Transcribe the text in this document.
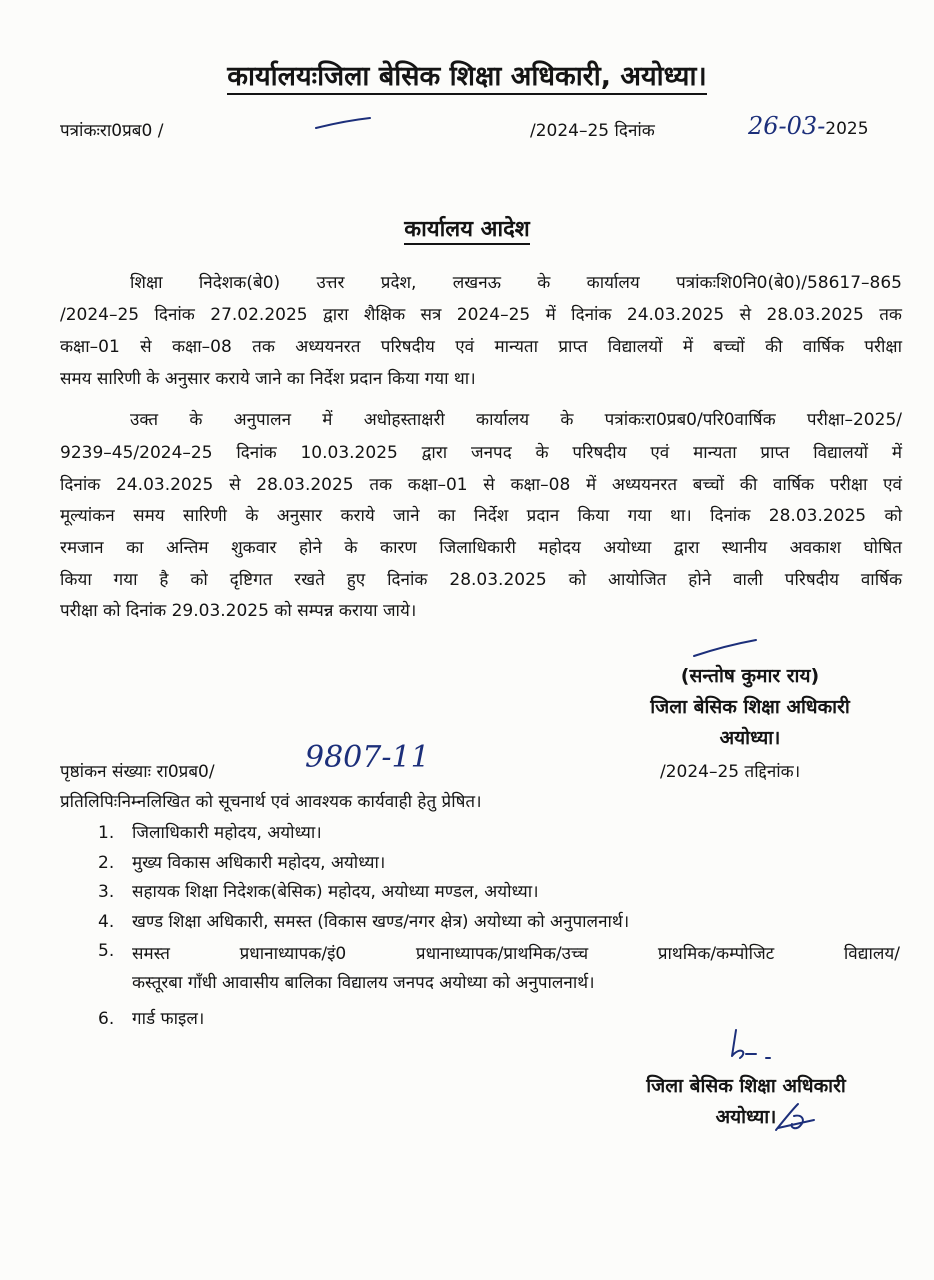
कार्यालयःजिला बेसिक शिक्षा अधिकारी, अयोध्या।
पत्रांकःरा0प्रब0 /	/2024–25 दिनांक	26-03-2025
कार्यालय आदेश
शिक्षा निदेशक(बे0) उत्तर प्रदेश, लखनऊ के कार्यालय पत्रांकःशि0नि0(बे0)/58617–865
/2024–25 दिनांक 27.02.2025 द्वारा शैक्षिक सत्र 2024–25 में दिनांक 24.03.2025 से 28.03.2025 तक
कक्षा–01 से कक्षा–08 तक अध्ययनरत परिषदीय एवं मान्यता प्राप्त विद्यालयों में बच्चों की वार्षिक परीक्षा
समय सारिणी के अनुसार कराये जाने का निर्देश प्रदान किया गया था।
उक्त के अनुपालन में अधोहस्ताक्षरी कार्यालय के पत्रांकःरा0प्रब0/परि0वार्षिक परीक्षा–2025/
9239–45/2024–25 दिनांक 10.03.2025 द्वारा जनपद के परिषदीय एवं मान्यता प्राप्त विद्यालयों में
दिनांक 24.03.2025 से 28.03.2025 तक कक्षा–01 से कक्षा–08 में अध्ययनरत बच्चों की वार्षिक परीक्षा एवं
मूल्यांकन समय सारिणी के अनुसार कराये जाने का निर्देश प्रदान किया गया था। दिनांक 28.03.2025 को
रमजान का अन्तिम शुकवार होने के कारण जिलाधिकारी महोदय अयोध्या द्वारा स्थानीय अवकाश घोषित
किया गया है को दृष्टिगत रखते हुए दिनांक 28.03.2025 को आयोजित होने वाली परिषदीय वार्षिक
परीक्षा को दिनांक 29.03.2025 को सम्पन्न कराया जाये।
(सन्तोष कुमार राय)
जिला बेसिक शिक्षा अधिकारी
अयोध्या।
पृष्ठांकन संख्याः रा0प्रब0/	9807-11	/2024–25 तद्दिनांक।
प्रतिलिपिःनिम्नलिखित को सूचनार्थ एवं आवश्यक कार्यवाही हेतु प्रेषित।
1. जिलाधिकारी महोदय, अयोध्या।
2. मुख्य विकास अधिकारी महोदय, अयोध्या।
3. सहायक शिक्षा निदेशक(बेसिक) महोदय, अयोध्या मण्डल, अयोध्या।
4. खण्ड शिक्षा अधिकारी, समस्त (विकास खण्ड/नगर क्षेत्र) अयोध्या को अनुपालनार्थ।
5.	समस्त प्रधानाध्यापक/इं0 प्रधानाध्यापक/प्राथमिक/उच्च प्राथमिक/कम्पोजिट विद्यालय/
कस्तूरबा गाँधी आवासीय बालिका विद्यालय जनपद अयोध्या को अनुपालनार्थ।
6. गार्ड फाइल।
जिला बेसिक शिक्षा अधिकारी
अयोध्या।
